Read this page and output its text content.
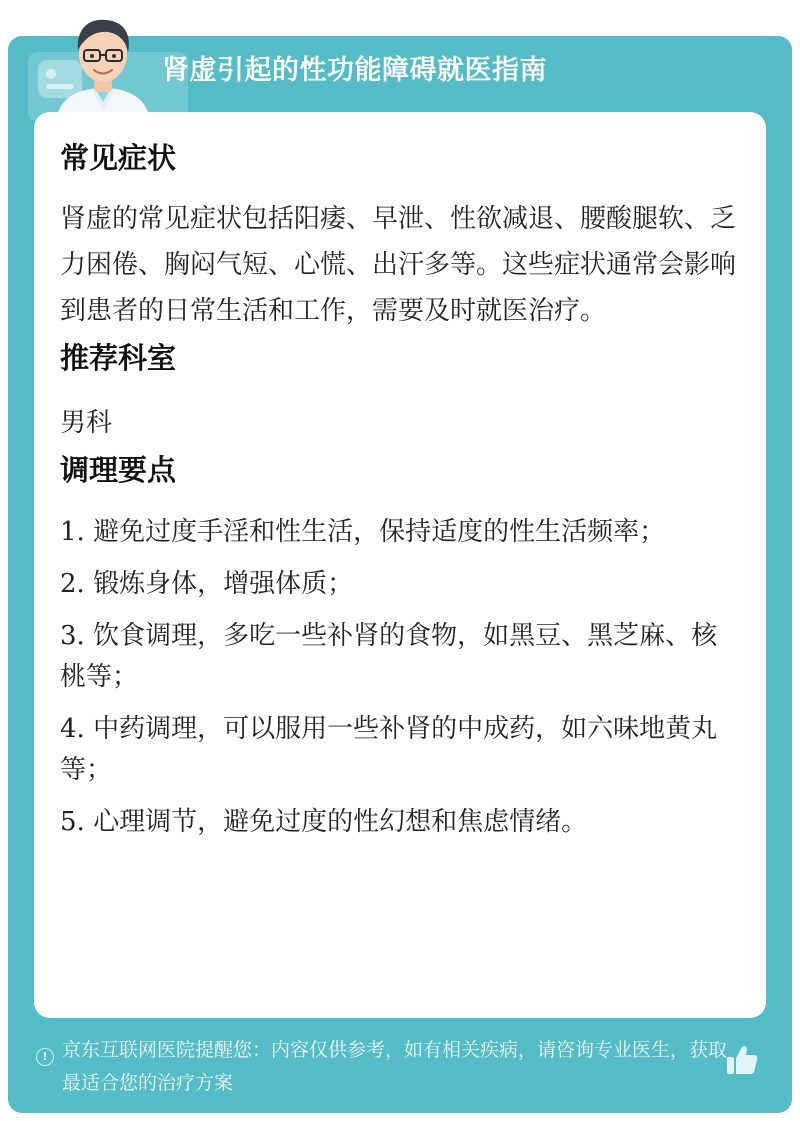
肾虚引起的性功能障碍就医指南
常见症状

肾虚的常见症状包括阳痿、早泄、性欲减退、腰酸腿软、乏力困倦、胸闷气短、心慌、出汗多等。这些症状通常会影响到患者的日常生活和工作，需要及时就医治疗。

推荐科室

男科

调理要点

1. 避免过度手淫和性生活，保持适度的性生活频率；

2. 锻炼身体，增强体质；

3. 饮食调理，多吃一些补肾的食物，如黑豆、黑芝麻、核桃等；

4. 中药调理，可以服用一些补肾的中成药，如六味地黄丸等；

5. 心理调节，避免过度的性幻想和焦虑情绪。

! 京东互联网医院提醒您：内容仅供参考，如有相关疾病，请咨询专业医生，获取最适合您的治疗方案
